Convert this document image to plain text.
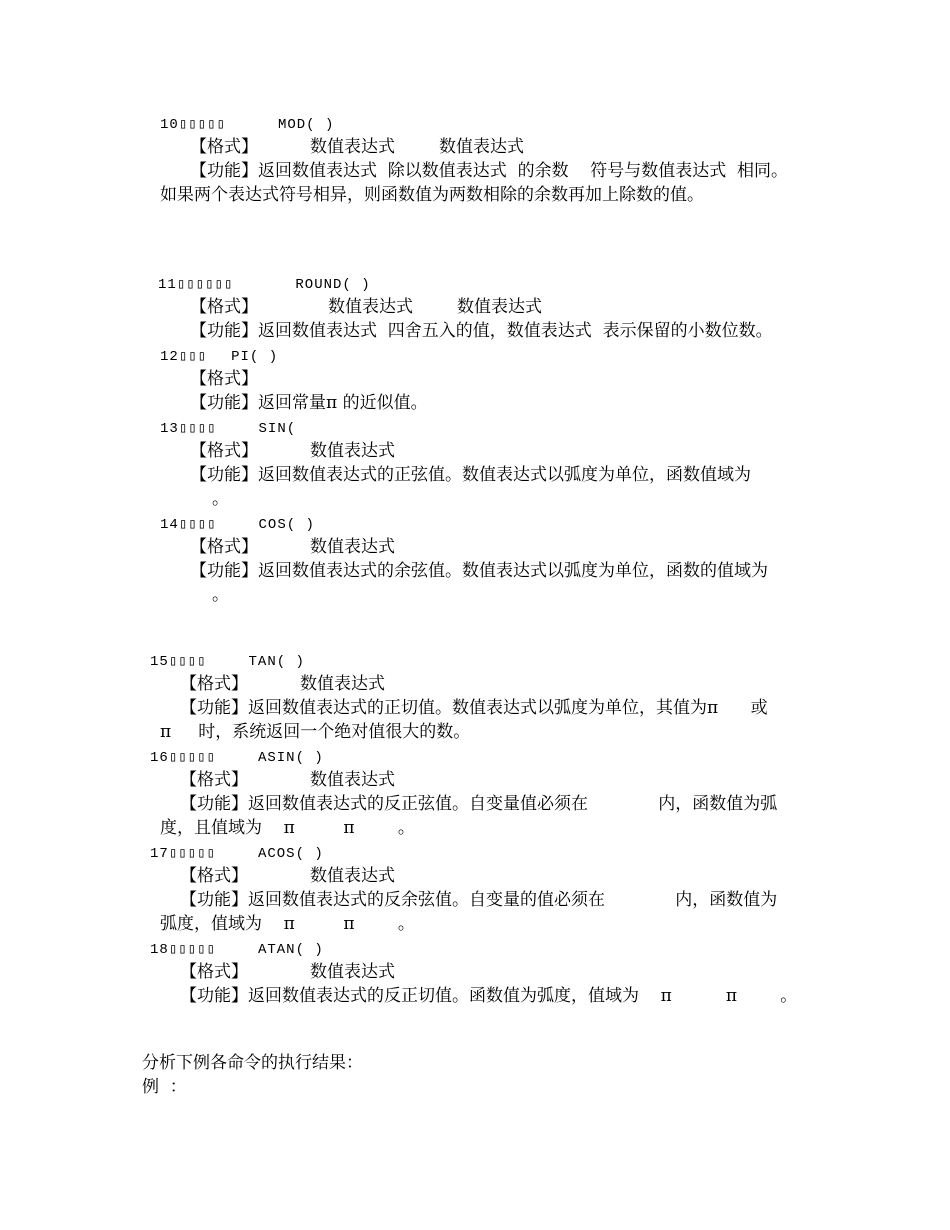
10▯▯▯▯▯	MOD( )
【格式】	数值表达式	数值表达式
【功能】返回数值表达式  除以数值表达式  的余数    符号与数值表达式  相同。
如果两个表达式符号相异，则函数值为两数相除的余数再加上除数的值。
11▯▯▯▯▯▯	ROUND( )
【格式】	数值表达式	数值表达式
【功能】返回数值表达式  四舍五入的值，数值表达式  表示保留的小数位数。
12▯▯▯ PI( )
【格式】
【功能】返回常量π 的近似值。
13▯▯▯▯	SIN(
【格式】	数值表达式
【功能】返回数值表达式的正弦值。数值表达式以弧度为单位，函数值域为
。
14▯▯▯▯	COS( )
【格式】	数值表达式
【功能】返回数值表达式的余弦值。数值表达式以弧度为单位，函数的值域为
。
15▯▯▯▯	TAN( )
【格式】	数值表达式
【功能】返回数值表达式的正切值。数值表达式以弧度为单位，其值为π      或
π     时，系统返回一个绝对值很大的数。
16▯▯▯▯▯	ASIN( )
【格式】	数值表达式
【功能】返回数值表达式的反正弦值。自变量值必须在             内，函数值为弧
度，且值域为    π         π        。
17▯▯▯▯▯	ACOS( )
【格式】	数值表达式
【功能】返回数值表达式的反余弦值。自变量的值必须在             内，函数值为
弧度，值域为    π         π        。
18▯▯▯▯▯	ATAN( )
【格式】	数值表达式
【功能】返回数值表达式的反正切值。函数值为弧度，值域为    π          π        。
分析下例各命令的执行结果：
例  ：
